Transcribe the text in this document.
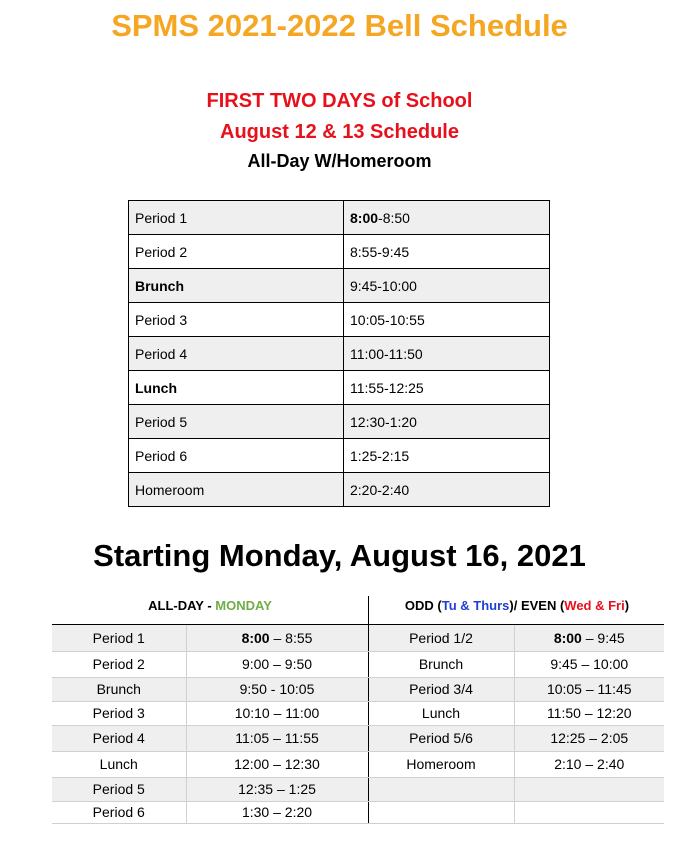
SPMS 2021-2022 Bell Schedule
FIRST TWO DAYS of School
August 12 & 13 Schedule
All-Day W/Homeroom
Period 1	8:00-8:50
Period 2	8:55-9:45
Brunch	9:45-10:00
Period 3	10:05-10:55
Period 4	11:00-11:50
Lunch	11:55-12:25
Period 5	12:30-1:20
Period 6	1:25-2:15
Homeroom	2:20-2:40
Starting Monday, August 16, 2021
ALL-DAY - MONDAY	ODD (Tu & Thurs)/ EVEN (Wed & Fri)
Period 1	8:00 – 8:55	Period 1/2	8:00 – 9:45
Period 2	9:00 – 9:50	Brunch	9:45 – 10:00
Brunch	9:50 - 10:05	Period 3/4	10:05 – 11:45
Period 3	10:10 – 11:00	Lunch	11:50 – 12:20
Period 4	11:05 – 11:55	Period 5/6	12:25 – 2:05
Lunch	12:00 – 12:30	Homeroom	2:10 – 2:40
Period 5	12:35 – 1:25		
Period 6	1:30 – 2:20		
